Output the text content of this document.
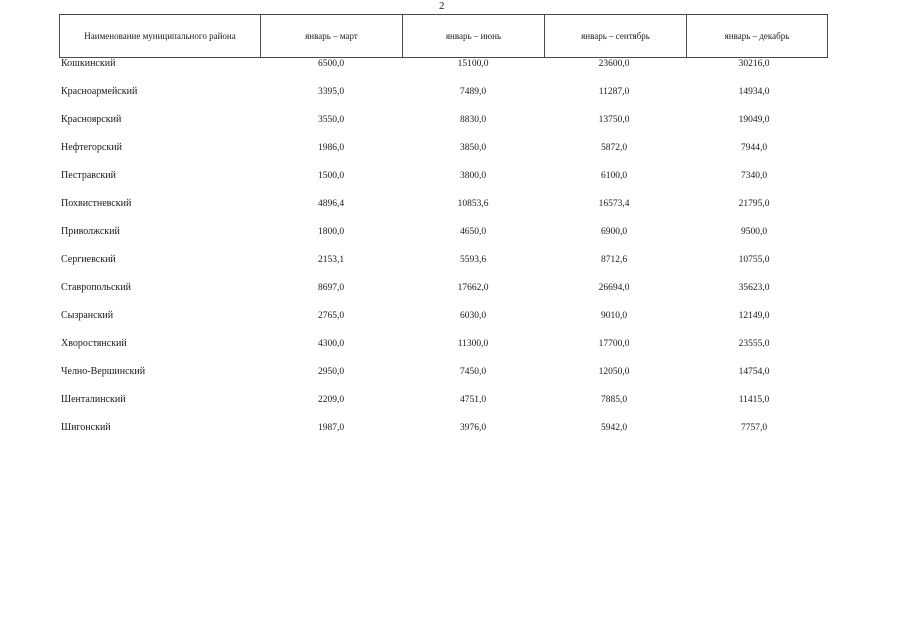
2
Наименование муниципального района	январь – март	январь – июнь	январь – сентябрь	январь – декабрь
Кошкинский	6500,0	15100,0	23600,0	30216,0
Красноармейский	3395,0	7489,0	11287,0	14934,0
Красноярский	3550,0	8830,0	13750,0	19049,0
Нефтегорский	1986,0	3850,0	5872,0	7944,0
Пестравский	1500,0	3800,0	6100,0	7340,0
Похвистневский	4896,4	10853,6	16573,4	21795,0
Приволжский	1800,0	4650,0	6900,0	9500,0
Сергиевский	2153,1	5593,6	8712,6	10755,0
Ставропольский	8697,0	17662,0	26694,0	35623,0
Сызранский	2765,0	6030,0	9010,0	12149,0
Хворостянский	4300,0	11300,0	17700,0	23555,0
Челно-Вершинский	2950,0	7450,0	12050,0	14754,0
Шенталинский	2209,0	4751,0	7885,0	11415,0
Шигонский	1987,0	3976,0	5942,0	7757,0
